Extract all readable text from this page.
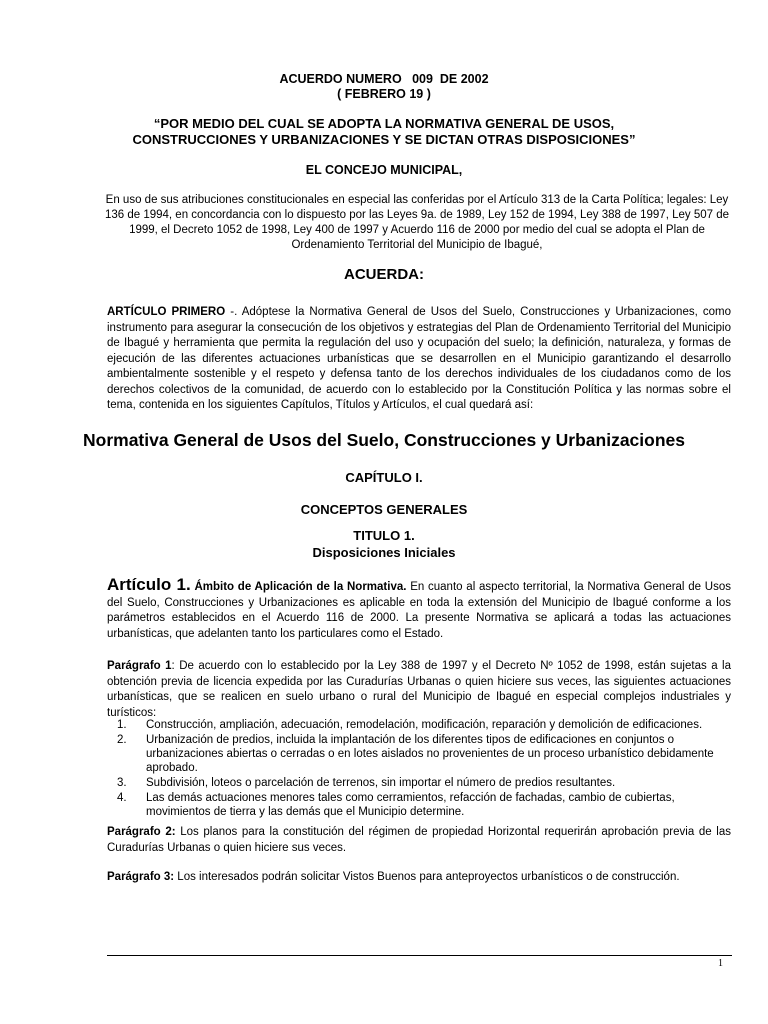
ACUERDO NUMERO   009  DE 2002
( FEBRERO 19 )
“POR MEDIO DEL CUAL SE ADOPTA LA NORMATIVA GENERAL DE USOS,
CONSTRUCCIONES Y URBANIZACIONES Y SE DICTAN OTRAS DISPOSICIONES”
EL CONCEJO MUNICIPAL,
En uso de sus atribuciones constitucionales en especial las conferidas por el Artículo 313 de la Carta Política; legales: Ley 136 de 1994, en concordancia con lo dispuesto por las Leyes 9a. de 1989, Ley 152 de 1994, Ley 388 de 1997, Ley 507 de 1999, el Decreto 1052 de 1998, Ley 400 de 1997 y Acuerdo 116 de 2000 por medio del cual se adopta el Plan de Ordenamiento Territorial del Municipio de Ibagué,
ACUERDA:
ARTÍCULO PRIMERO -. Adóptese la Normativa General de Usos del Suelo, Construcciones y Urbanizaciones, como instrumento para asegurar la consecución de los objetivos y estrategias del Plan de Ordenamiento Territorial del Municipio de Ibagué y herramienta que permita la regulación del uso y ocupación del suelo; la definición, naturaleza, y formas de ejecución de las diferentes actuaciones urbanísticas que se desarrollen en el Municipio garantizando el desarrollo ambientalmente sostenible y el respeto y defensa tanto de los derechos individuales de los ciudadanos como de los derechos colectivos de la comunidad, de acuerdo con lo establecido por la Constitución Política y las normas sobre el tema, contenida en los siguientes Capítulos, Títulos y Artículos, el cual quedará así:
Normativa General de Usos del Suelo, Construcciones y Urbanizaciones
CAPÍTULO I.
CONCEPTOS GENERALES
TITULO 1.
Disposiciones Iniciales
Artículo 1. Ámbito de Aplicación de la Normativa. En cuanto al aspecto territorial, la Normativa General de Usos del Suelo, Construcciones y Urbanizaciones es aplicable en toda la extensión del Municipio de Ibagué conforme a los parámetros establecidos en el Acuerdo 116 de 2000. La presente Normativa se aplicará a todas las actuaciones urbanísticas, que adelanten tanto los particulares como el Estado.
Parágrafo 1: De acuerdo con lo establecido por la Ley 388 de 1997 y el Decreto Nº 1052 de 1998, están sujetas a la obtención previa de licencia expedida por las Curadurías Urbanas o quien hiciere sus veces, las siguientes actuaciones urbanísticas, que se realicen en suelo urbano o rural del Municipio de Ibagué en especial complejos industriales y turísticos:
1. Construcción, ampliación, adecuación, remodelación, modificación, reparación y demolición de edificaciones.
2. Urbanización de predios, incluida la implantación de los diferentes tipos de edificaciones en conjuntos o urbanizaciones abiertas o cerradas o en lotes aislados no provenientes de un proceso urbanístico debidamente aprobado.
3. Subdivisión, loteos o parcelación de terrenos, sin importar el número de predios resultantes.
4. Las demás actuaciones menores tales como cerramientos, refacción de fachadas, cambio de cubiertas, movimientos de tierra y las demás que el Municipio determine.
Parágrafo 2: Los planos para la constitución del régimen de propiedad Horizontal requerirán aprobación previa de las Curadurías Urbanas o quien hiciere sus veces.
Parágrafo 3: Los interesados podrán solicitar Vistos Buenos para anteproyectos urbanísticos o de construcción.
1
